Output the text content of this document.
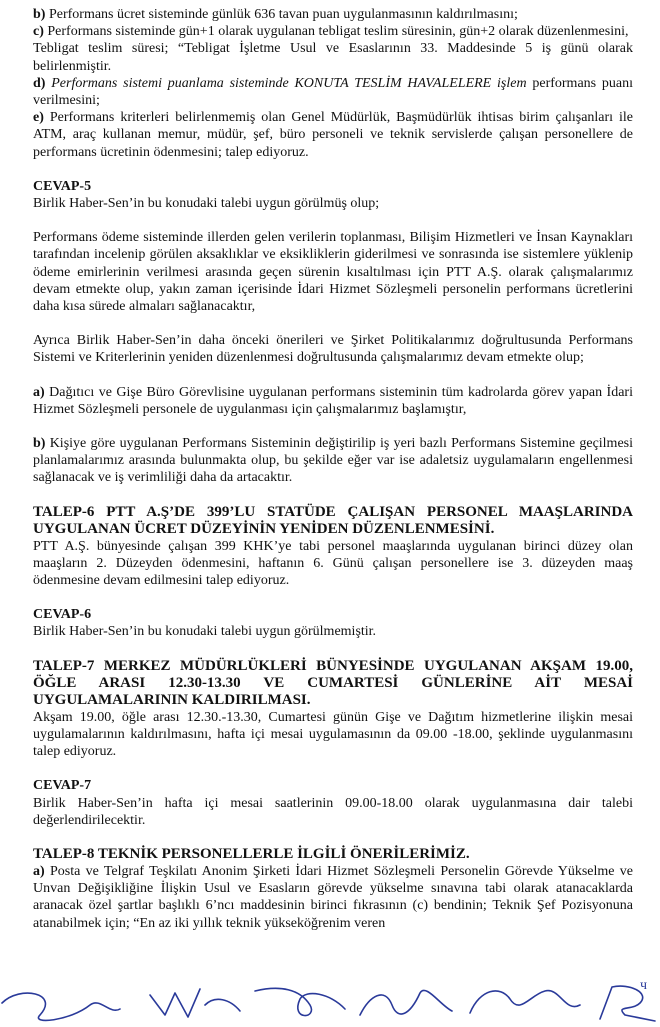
b) Performans ücret sisteminde günlük 636 tavan puan uygulanmasının kaldırılmasını;

c) Performans sisteminde gün+1 olarak uygulanan tebligat teslim süresinin, gün+2 olarak düzenlenmesini,

Tebligat teslim süresi; “Tebligat İşletme Usul ve Esaslarının 33. Maddesinde 5 iş günü olarak belirlenmiştir.

d) Performans sistemi puanlama sisteminde KONUTA TESLİM HAVALELERE işlem performans puanı verilmesini;

e) Performans kriterleri belirlenmemiş olan Genel Müdürlük, Başmüdürlük ihtisas birim çalışanları ile ATM, araç kullanan memur, müdür, şef, büro personeli ve teknik servislerde çalışan personellere de performans ücretinin ödenmesini; talep ediyoruz.

CEVAP-5

Birlik Haber-Sen’in bu konudaki talebi uygun görülmüş olup;

Performans ödeme sisteminde illerden gelen verilerin toplanması, Bilişim Hizmetleri ve İnsan Kaynakları tarafından incelenip görülen aksaklıklar ve eksikliklerin giderilmesi ve sonrasında ise sistemlere yüklenip ödeme emirlerinin verilmesi arasında geçen sürenin kısaltılması için PTT A.Ş. olarak çalışmalarımız devam etmekte olup, yakın zaman içerisinde İdari Hizmet Sözleşmeli personelin performans ücretlerini daha kısa sürede almaları sağlanacaktır,

Ayrıca Birlik Haber-Sen’in daha önceki önerileri ve Şirket Politikalarımız doğrultusunda Performans Sistemi ve Kriterlerinin yeniden düzenlenmesi doğrultusunda çalışmalarımız devam etmekte olup;

a) Dağıtıcı ve Gişe Büro Görevlisine uygulanan performans sisteminin tüm kadrolarda görev yapan İdari Hizmet Sözleşmeli personele de uygulanması için çalışmalarımız başlamıştır,

b) Kişiye göre uygulanan Performans Sisteminin değiştirilip iş yeri bazlı Performans Sistemine geçilmesi planlamalarımız arasında bulunmakta olup, bu şekilde eğer var ise adaletsiz uygulamaların engellenmesi sağlanacak ve iş verimliliği daha da artacaktır.

TALEP-6 PTT A.Ş’DE 399’LU STATÜDE ÇALIŞAN PERSONEL MAAŞLARINDA UYGULANAN ÜCRET DÜZEYİNİN YENİDEN DÜZENLENMESİNİ.

PTT A.Ş. bünyesinde çalışan 399 KHK’ye tabi personel maaşlarında uygulanan birinci düzey olan maaşların 2. Düzeyden ödenmesini, haftanın 6. Günü çalışan personellere ise 3. düzeyden maaş ödenmesine devam edilmesini talep ediyoruz.

CEVAP-6

Birlik Haber-Sen’in bu konudaki talebi uygun görülmemiştir.

TALEP-7 MERKEZ MÜDÜRLÜKLERİ BÜNYESİNDE UYGULANAN AKŞAM 19.00, ÖĞLE ARASI 12.30-13.30 VE CUMARTESİ GÜNLERİNE AİT MESAİ UYGULAMALARININ KALDIRILMASI.

Akşam 19.00, öğle arası 12.30.-13.30, Cumartesi günün Gişe ve Dağıtım hizmetlerine ilişkin mesai uygulamalarının kaldırılmasını, hafta içi mesai uygulamasının da 09.00 -18.00, şeklinde uygulanmasını talep ediyoruz.

CEVAP-7

Birlik Haber-Sen’in hafta içi mesai saatlerinin 09.00-18.00 olarak uygulanmasına dair talebi değerlendirilecektir.

TALEP-8 TEKNİK PERSONELLERLE İLGİLİ ÖNERİLERİMİZ.

a) Posta ve Telgraf Teşkilatı Anonim Şirketi İdari Hizmet Sözleşmeli Personelin Görevde Yükselme ve Unvan Değişikliğine İlişkin Usul ve Esasların görevde yükselme sınavına tabi olarak atanacaklarda aranacak özel şartlar başlıklı 6’ncı maddesinin birinci fıkrasının (c) bendinin; Teknik Şef Pozisyonuna atanabilmek için; “En az iki yıllık teknik yükseköğrenim veren

ч
